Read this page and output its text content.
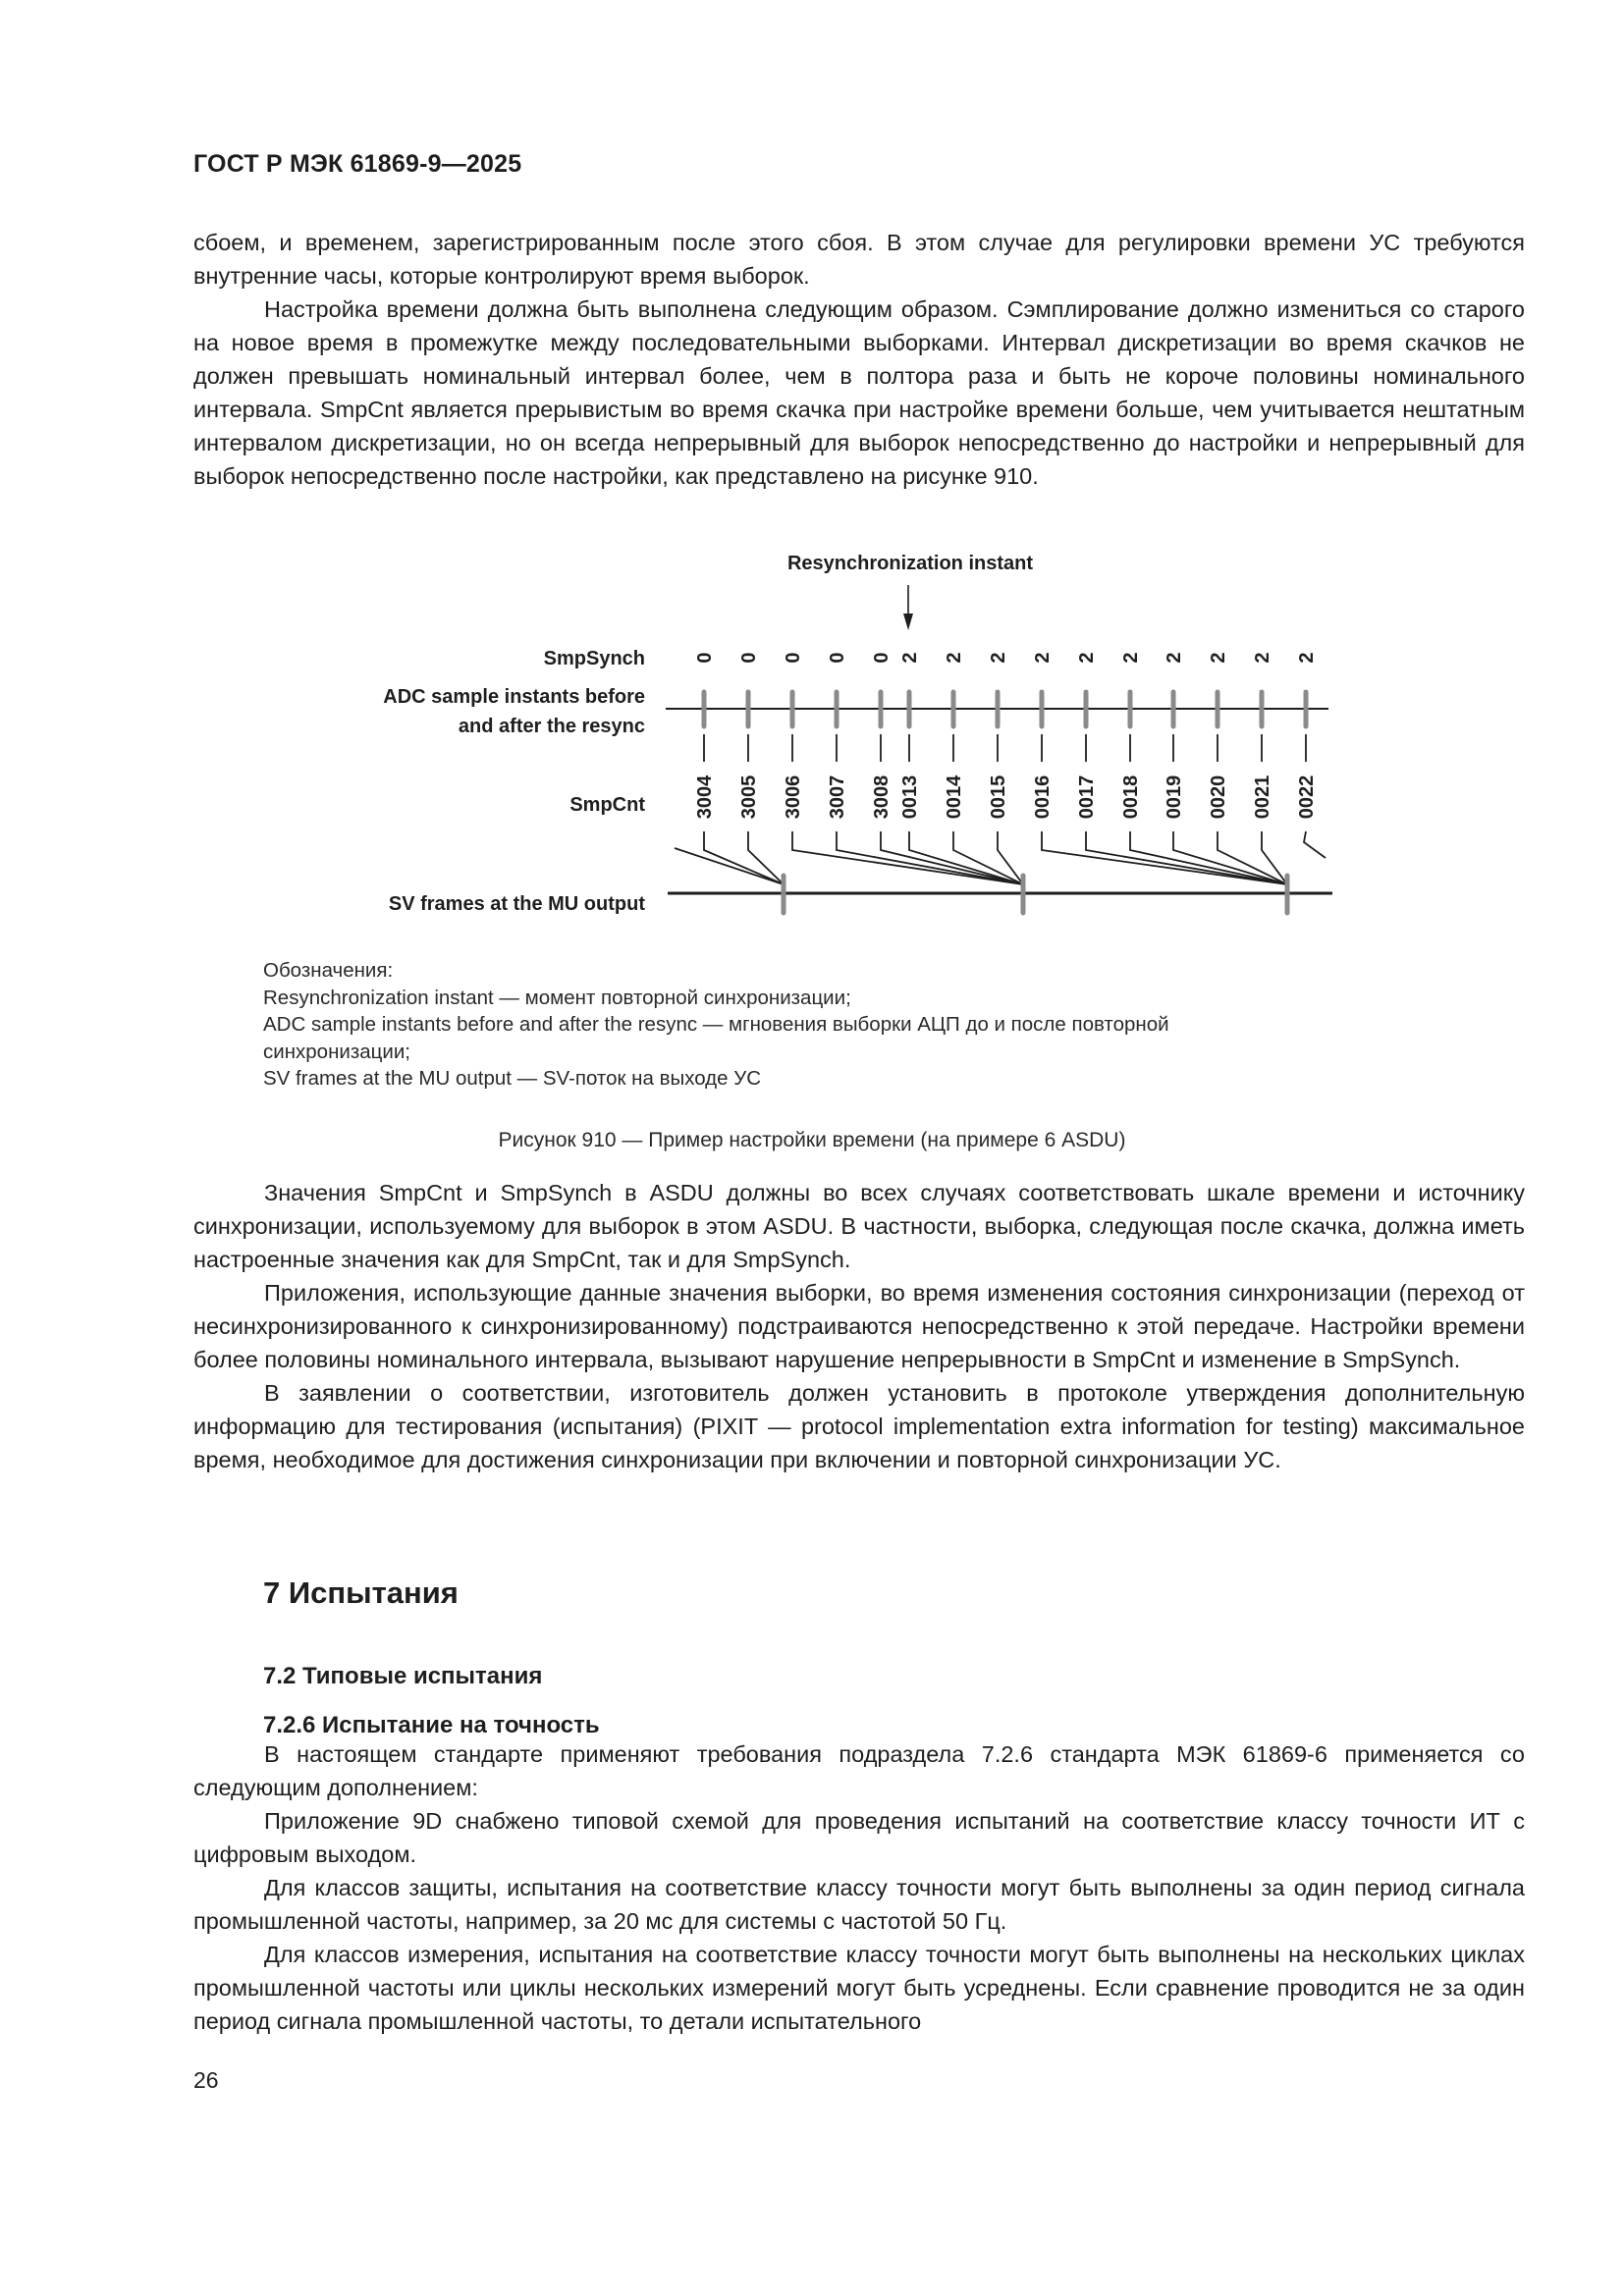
ГОСТ Р МЭК 61869-9—2025

сбоем, и временем, зарегистрированным после этого сбоя. В этом случае для регулировки времени УС требуются внутренние часы, которые контролируют время выборок.

Настройка времени должна быть выполнена следующим образом. Сэмплирование должно измениться со старого на новое время в промежутке между последовательными выборками. Интервал дискретизации во время скачков не должен превышать номинальный интервал более, чем в полтора раза и быть не короче половины номинального интервала. SmpCnt является прерывистым во время скачка при настройке времени больше, чем учитывается нештатным интервалом дискретизации, но он всегда непрерывный для выборок непосредственно до настройки и непрерывный для выборок непосредственно после настройки, как представлено на рисунке 910.

Resynchronization instant
SmpSynch
ADC sample instants before
and after the resync
SmpCnt
SV frames at the MU output
0
3004
0
3005
0
3006
0
3007
0
3008
2
0013
2
0014
2
0015
2
0016
2
0017
2
0018
2
0019
2
0020
2
0021
2
0022
Обозначения:
Resynchronization instant — момент повторной синхронизации;
ADC sample instants before and after the resync — мгновения выборки АЦП до и после повторной
синхронизации;
SV frames at the MU output — SV-поток на выходе УС
Рисунок 910 — Пример настройки времени (на примере 6 ASDU)

Значения SmpCnt и SmpSynch в ASDU должны во всех случаях соответствовать шкале времени и источнику синхронизации, используемому для выборок в этом ASDU. В частности, выборка, следующая после скачка, должна иметь настроенные значения как для SmpCnt, так и для SmpSynch.

Приложения, использующие данные значения выборки, во время изменения состояния синхронизации (переход от несинхронизированного к синхронизированному) подстраиваются непосредственно к этой передаче. Настройки времени более половины номинального интервала, вызывают нарушение непрерывности в SmpCnt и изменение в SmpSynch.

В заявлении о соответствии, изготовитель должен установить в протоколе утверждения дополнительную информацию для тестирования (испытания) (PIXIT — protocol implementation extra information for testing) максимальное время, необходимое для достижения синхронизации при включении и повторной синхронизации УС.

7 Испытания
7.2 Типовые испытания
7.2.6 Испытание на точность

В настоящем стандарте применяют требования подраздела 7.2.6 стандарта МЭК 61869-6 применяется со следующим дополнением:

Приложение 9D снабжено типовой схемой для проведения испытаний на соответствие классу точности ИТ с цифровым выходом.

Для классов защиты, испытания на соответствие классу точности могут быть выполнены за один период сигнала промышленной частоты, например, за 20 мс для системы с частотой 50 Гц.

Для классов измерения, испытания на соответствие классу точности могут быть выполнены на нескольких циклах промышленной частоты или циклы нескольких измерений могут быть усреднены. Если сравнение проводится не за один период сигнала промышленной частоты, то детали испытательного

26
